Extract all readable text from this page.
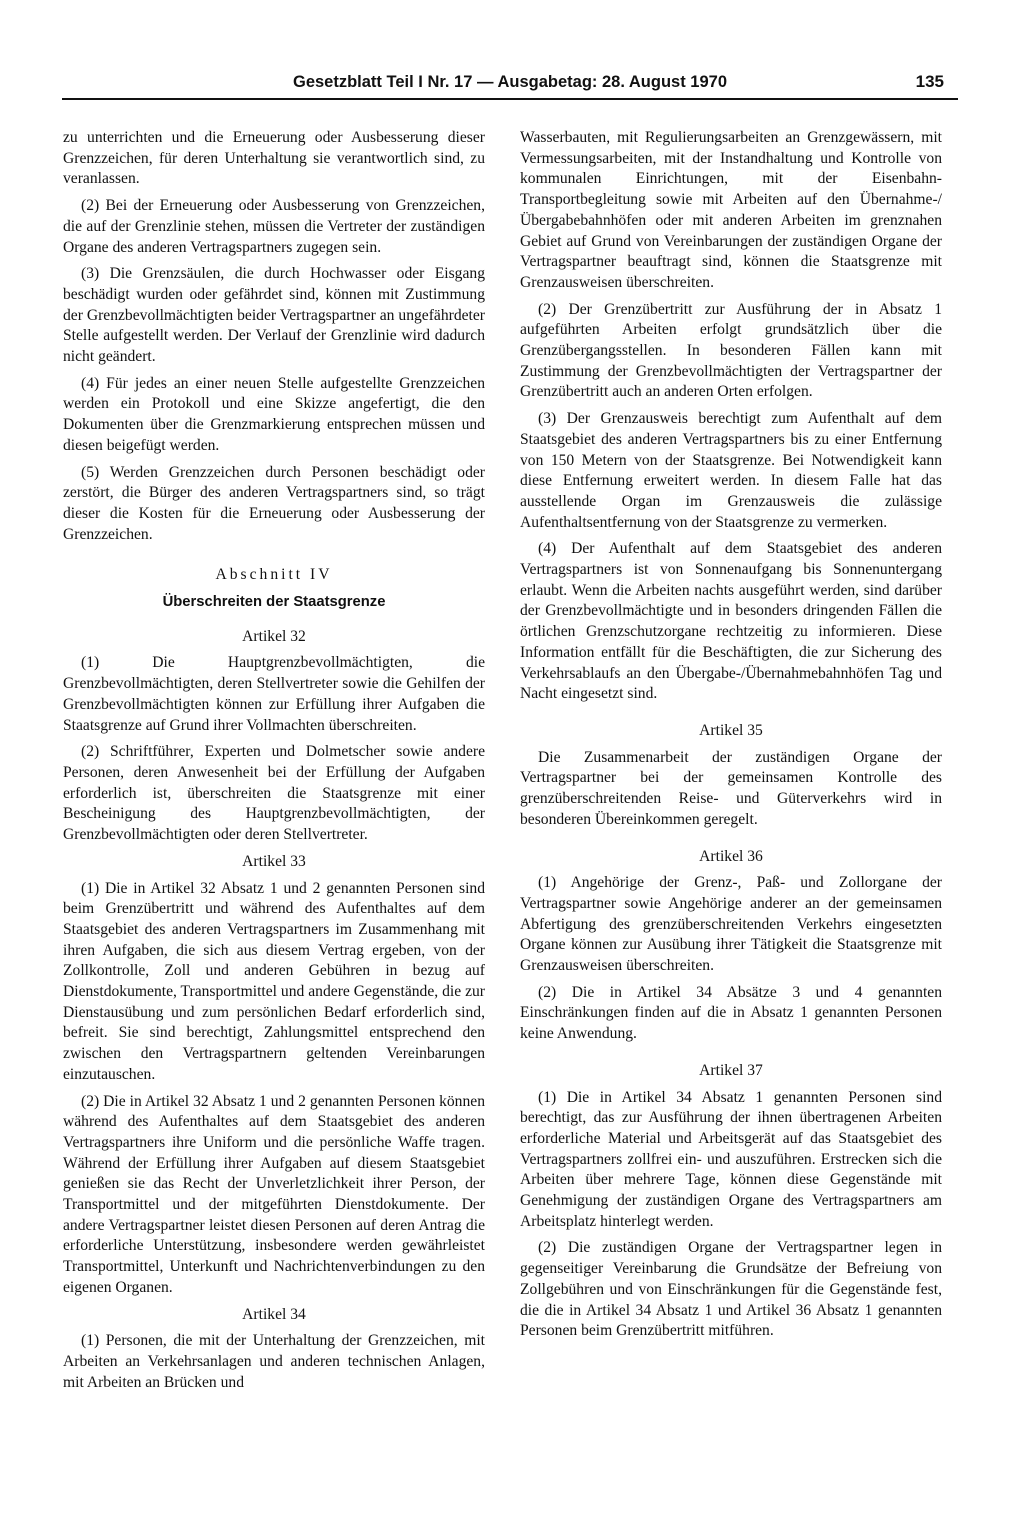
Gesetzblatt Teil I Nr. 17 — Ausgabetag: 28. August 1970	135

zu unterrichten und die Erneuerung oder Ausbesserung dieser Grenzzeichen, für deren Unterhaltung sie verantwortlich sind, zu veranlassen.

(2) Bei der Erneuerung oder Ausbesserung von Grenzzeichen, die auf der Grenzlinie stehen, müssen die Vertreter der zuständigen Organe des anderen Vertragspartners zugegen sein.

(3) Die Grenzsäulen, die durch Hochwasser oder Eisgang beschädigt wurden oder gefährdet sind, können mit Zustimmung der Grenzbevollmächtigten beider Vertragspartner an ungefährdeter Stelle aufgestellt werden. Der Verlauf der Grenzlinie wird dadurch nicht geändert.

(4) Für jedes an einer neuen Stelle aufgestellte Grenzzeichen werden ein Protokoll und eine Skizze angefertigt, die den Dokumenten über die Grenzmarkierung entsprechen müssen und diesen beigefügt werden.

(5) Werden Grenzzeichen durch Personen beschädigt oder zerstört, die Bürger des anderen Vertragspartners sind, so trägt dieser die Kosten für die Erneuerung oder Ausbesserung der Grenzzeichen.

Abschnitt IV

Überschreiten der Staatsgrenze

Artikel 32

(1) Die Hauptgrenzbevollmächtigten, die Grenzbevollmächtigten, deren Stellvertreter sowie die Gehilfen der Grenzbevollmächtigten können zur Erfüllung ihrer Aufgaben die Staatsgrenze auf Grund ihrer Vollmachten überschreiten.

(2) Schriftführer, Experten und Dolmetscher sowie andere Personen, deren Anwesenheit bei der Erfüllung der Aufgaben erforderlich ist, überschreiten die Staatsgrenze mit einer Bescheinigung des Hauptgrenzbevollmächtigten, der Grenzbevollmächtigten oder deren Stellvertreter.

Artikel 33

(1) Die in Artikel 32 Absatz 1 und 2 genannten Personen sind beim Grenzübertritt und während des Aufenthaltes auf dem Staatsgebiet des anderen Vertragspartners im Zusammenhang mit ihren Aufgaben, die sich aus diesem Vertrag ergeben, von der Zollkontrolle, Zoll und anderen Gebühren in bezug auf Dienstdokumente, Transportmittel und andere Gegenstände, die zur Dienstausübung und zum persönlichen Bedarf erforderlich sind, befreit. Sie sind berechtigt, Zahlungsmittel entsprechend den zwischen den Vertragspartnern geltenden Vereinbarungen einzutauschen.

(2) Die in Artikel 32 Absatz 1 und 2 genannten Personen können während des Aufenthaltes auf dem Staatsgebiet des anderen Vertragspartners ihre Uniform und die persönliche Waffe tragen. Während der Erfüllung ihrer Aufgaben auf diesem Staatsgebiet genießen sie das Recht der Unverletzlichkeit ihrer Person, der Transportmittel und der mitgeführten Dienstdokumente. Der andere Vertragspartner leistet diesen Personen auf deren Antrag die erforderliche Unterstützung, insbesondere werden gewährleistet Transportmittel, Unterkunft und Nachrichtenverbindungen zu den eigenen Organen.

Artikel 34

(1) Personen, die mit der Unterhaltung der Grenzzeichen, mit Arbeiten an Verkehrsanlagen und anderen technischen Anlagen, mit Arbeiten an Brücken und

Wasserbauten, mit Regulierungsarbeiten an Grenzgewässern, mit Vermessungsarbeiten, mit der Instandhaltung und Kontrolle von kommunalen Einrichtungen, mit der Eisenbahn-Transportbegleitung sowie mit Arbeiten auf den Übernahme-/Übergabebahnhöfen oder mit anderen Arbeiten im grenznahen Gebiet auf Grund von Vereinbarungen der zuständigen Organe der Vertragspartner beauftragt sind, können die Staatsgrenze mit Grenzausweisen überschreiten.

(2) Der Grenzübertritt zur Ausführung der in Absatz 1 aufgeführten Arbeiten erfolgt grundsätzlich über die Grenzübergangsstellen. In besonderen Fällen kann mit Zustimmung der Grenzbevollmächtigten der Vertragspartner der Grenzübertritt auch an anderen Orten erfolgen.

(3) Der Grenzausweis berechtigt zum Aufenthalt auf dem Staatsgebiet des anderen Vertragspartners bis zu einer Entfernung von 150 Metern von der Staatsgrenze. Bei Notwendigkeit kann diese Entfernung erweitert werden. In diesem Falle hat das ausstellende Organ im Grenzausweis die zulässige Aufenthaltsentfernung von der Staatsgrenze zu vermerken.

(4) Der Aufenthalt auf dem Staatsgebiet des anderen Vertragspartners ist von Sonnenaufgang bis Sonnenuntergang erlaubt. Wenn die Arbeiten nachts ausgeführt werden, sind darüber der Grenzbevollmächtigte und in besonders dringenden Fällen die örtlichen Grenzschutzorgane rechtzeitig zu informieren. Diese Information entfällt für die Beschäftigten, die zur Sicherung des Verkehrsablaufs an den Übergabe-/Übernahmebahnhöfen Tag und Nacht eingesetzt sind.

Artikel 35

Die Zusammenarbeit der zuständigen Organe der Vertragspartner bei der gemeinsamen Kontrolle des grenzüberschreitenden Reise- und Güterverkehrs wird in besonderen Übereinkommen geregelt.

Artikel 36

(1) Angehörige der Grenz-, Paß- und Zollorgane der Vertragspartner sowie Angehörige anderer an der gemeinsamen Abfertigung des grenzüberschreitenden Verkehrs eingesetzten Organe können zur Ausübung ihrer Tätigkeit die Staatsgrenze mit Grenzausweisen überschreiten.

(2) Die in Artikel 34 Absätze 3 und 4 genannten Einschränkungen finden auf die in Absatz 1 genannten Personen keine Anwendung.

Artikel 37

(1) Die in Artikel 34 Absatz 1 genannten Personen sind berechtigt, das zur Ausführung der ihnen übertragenen Arbeiten erforderliche Material und Arbeitsgerät auf das Staatsgebiet des Vertragspartners zollfrei ein- und auszuführen. Erstrecken sich die Arbeiten über mehrere Tage, können diese Gegenstände mit Genehmigung der zuständigen Organe des Vertragspartners am Arbeitsplatz hinterlegt werden.

(2) Die zuständigen Organe der Vertragspartner legen in gegenseitiger Vereinbarung die Grundsätze der Befreiung von Zollgebühren und von Einschränkungen für die Gegenstände fest, die die in Artikel 34 Absatz 1 und Artikel 36 Absatz 1 genannten Personen beim Grenzübertritt mitführen.
